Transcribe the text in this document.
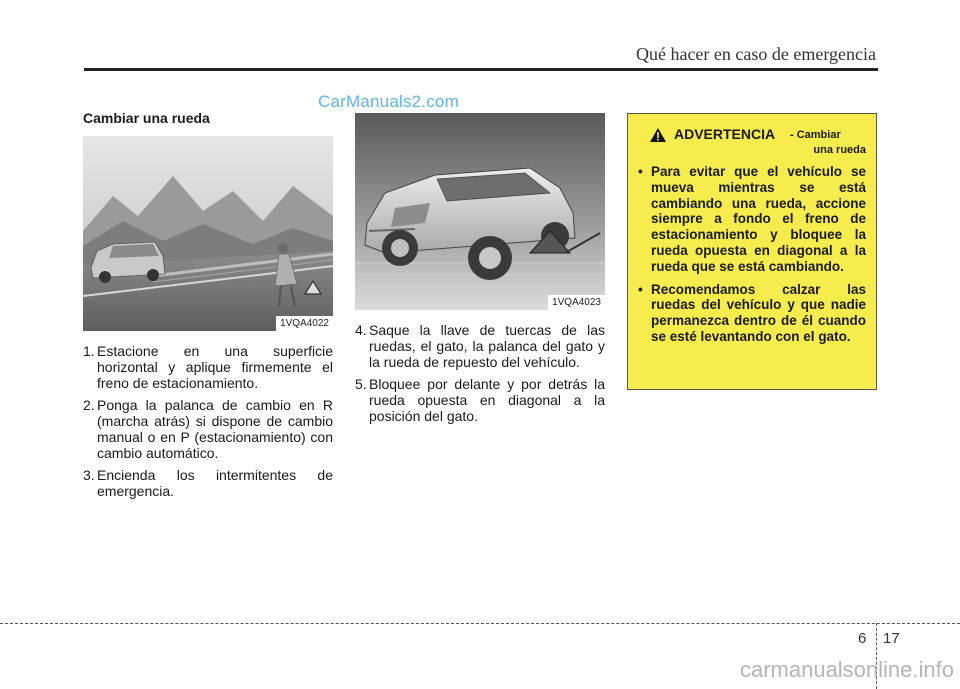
Qué hacer en caso de emergencia
CarManuals2.com
Cambiar una rueda
1VQA4022
1. Estacione en una superficie horizontal y aplique firmemente el freno de estacionamiento.
2. Ponga la palanca de cambio en R (marcha atrás) si dispone de cambio manual o en P (estacionamiento) con cambio automático.
3. Encienda los intermitentes de emergencia.
1VQA4023
4. Saque la llave de tuercas de las ruedas, el gato, la palanca del gato y la rueda de repuesto del vehículo.
5. Bloquee por delante y por detrás la rueda opuesta en diagonal a la posición del gato.
ADVERTENCIA - Cambiar
una rueda
• Para evitar que el vehículo se mueva mientras se está cambiando una rueda, accione siempre a fondo el freno de estacionamiento y bloquee la rueda opuesta en diagonal a la rueda que se está cambiando.
• Recomendamos calzar las ruedas del vehículo y que nadie permanezca dentro de él cuando se esté levantando con el gato.
6 17
carmanualsonline.info
